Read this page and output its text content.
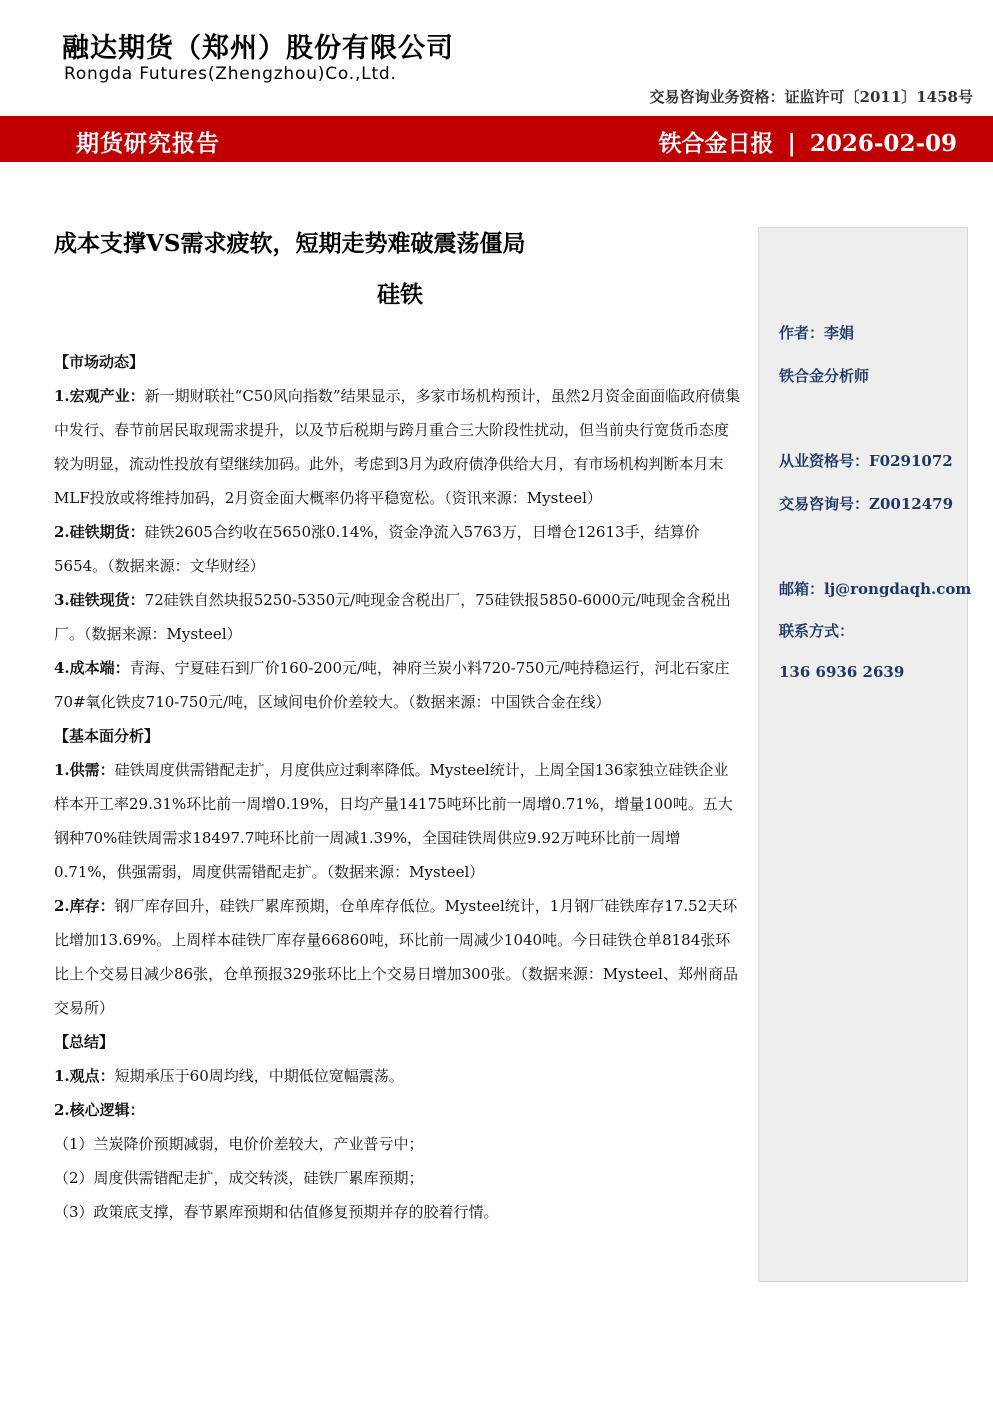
融达期货（郑州）股份有限公司
Rongda Futures(Zhengzhou)Co.,Ltd.
交易咨询业务资格：证监许可〔2011〕1458号
期货研究报告	铁合金日报 | 2026-02-09
成本支撑VS需求疲软，短期走势难破震荡僵局
硅铁
作者：李娟
铁合金分析师
从业资格号：F0291072
交易咨询号：Z0012479
邮箱：lj@rongdaqh.com
联系方式：
136 6936 2639

【市场动态】

1.宏观产业：新一期财联社“C50风向指数”结果显示，多家市场机构预计，虽然2月资金面面临政府债集中发行、春节前居民取现需求提升，以及节后税期与跨月重合三大阶段性扰动，但当前央行宽货币态度较为明显，流动性投放有望继续加码。此外，考虑到3月为政府债净供给大月，有市场机构判断本月末MLF投放或将维持加码，2月资金面大概率仍将平稳宽松。（资讯来源：Mysteel）

2.硅铁期货：硅铁2605合约收在5650涨0.14%，资金净流入5763万，日增仓12613手，结算价5654。（数据来源：文华财经）

3.硅铁现货：72硅铁自然块报5250-5350元/吨现金含税出厂，75硅铁报5850-6000元/吨现金含税出厂。（数据来源：Mysteel）

4.成本端：青海、宁夏硅石到厂价160-200元/吨，神府兰炭小料720-750元/吨持稳运行，河北石家庄70#氧化铁皮710-750元/吨，区域间电价价差较大。（数据来源：中国铁合金在线）

【基本面分析】

1.供需：硅铁周度供需错配走扩，月度供应过剩率降低。Mysteel统计，上周全国136家独立硅铁企业样本开工率29.31%环比前一周增0.19%，日均产量14175吨环比前一周增0.71%，增量100吨。五大钢种70%硅铁周需求18497.7吨环比前一周减1.39%，全国硅铁周供应9.92万吨环比前一周增0.71%，供强需弱，周度供需错配走扩。（数据来源：Mysteel）

2.库存：钢厂库存回升，硅铁厂累库预期，仓单库存低位。Mysteel统计，1月钢厂硅铁库存17.52天环比增加13.69%。上周样本硅铁厂库存量66860吨，环比前一周减少1040吨。今日硅铁仓单8184张环比上个交易日减少86张，仓单预报329张环比上个交易日增加300张。（数据来源：Mysteel、郑州商品交易所）

【总结】

1.观点：短期承压于60周均线，中期低位宽幅震荡。

2.核心逻辑：

（1）兰炭降价预期减弱，电价价差较大，产业普亏中；

（2）周度供需错配走扩，成交转淡，硅铁厂累库预期；

（3）政策底支撑，春节累库预期和估值修复预期并存的胶着行情。
